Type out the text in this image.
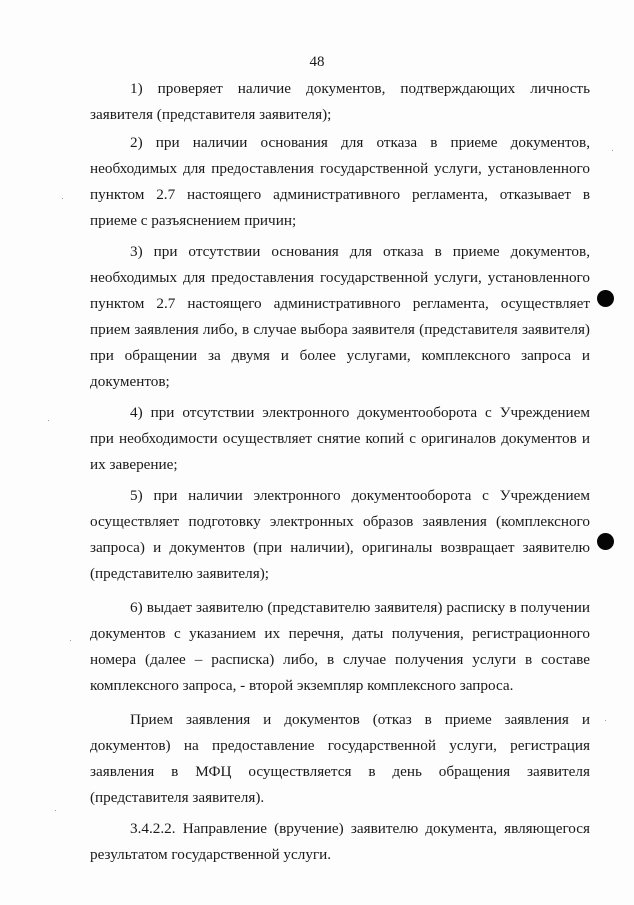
48

1) проверяет наличие документов, подтверждающих личность заявителя (представителя заявителя);

2) при наличии основания для отказа в приеме документов, необходимых для предоставления государственной услуги, установленного пунктом 2.7 настоящего административного регламента, отказывает в приеме с разъяснением причин;

3) при отсутствии основания для отказа в приеме документов, необходимых для предоставления государственной услуги, установленного пунктом 2.7 настоящего административного регламента, осуществляет прием заявления либо, в случае выбора заявителя (представителя заявителя) при обращении за двумя и более услугами, комплексного запроса и документов;

4) при отсутствии электронного документооборота с Учреждением при необходимости осуществляет снятие копий с оригиналов документов и их заверение;

5) при наличии электронного документооборота с Учреждением осуществляет подготовку электронных образов заявления (комплексного запроса) и документов (при наличии), оригиналы возвращает заявителю (представителю заявителя);

6) выдает заявителю (представителю заявителя) расписку в получении документов с указанием их перечня, даты получения, регистрационного номера (далее – расписка) либо, в случае получения услуги в составе комплексного запроса, - второй экземпляр комплексного запроса.

Прием заявления и документов (отказ в приеме заявления и документов) на предоставление государственной услуги, регистрация заявления в МФЦ осуществляется в день обращения заявителя (представителя заявителя).

3.4.2.2. Направление (вручение) заявителю документа, являющегося результатом государственной услуги.
